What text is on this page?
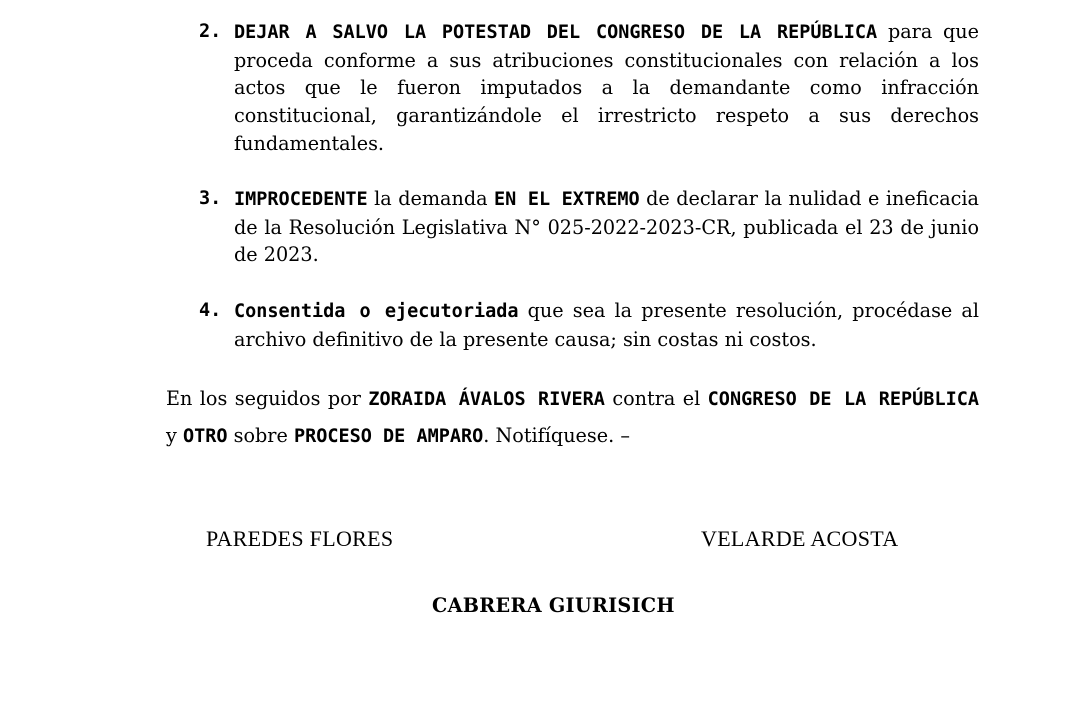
2. DEJAR A SALVO LA POTESTAD DEL CONGRESO DE LA REPÚBLICA para que proceda conforme a sus atribuciones constitucionales con relación a los actos que le fueron imputados a la demandante como infracción constitucional, garantizándole el irrestricto respeto a sus derechos fundamentales.
3. IMPROCEDENTE la demanda EN EL EXTREMO de declarar la nulidad e ineficacia de la Resolución Legislativa N° 025-2022-2023-CR, publicada el 23 de junio de 2023.
4. Consentida o ejecutoriada que sea la presente resolución, procédase al archivo definitivo de la presente causa; sin costas ni costos.
En los seguidos por ZORAIDA ÁVALOS RIVERA contra el CONGRESO DE LA REPÚBLICA y OTRO sobre PROCESO DE AMPARO. Notifíquese. –
PAREDES FLORES	VELARDE ACOSTA
CABRERA GIURISICH
